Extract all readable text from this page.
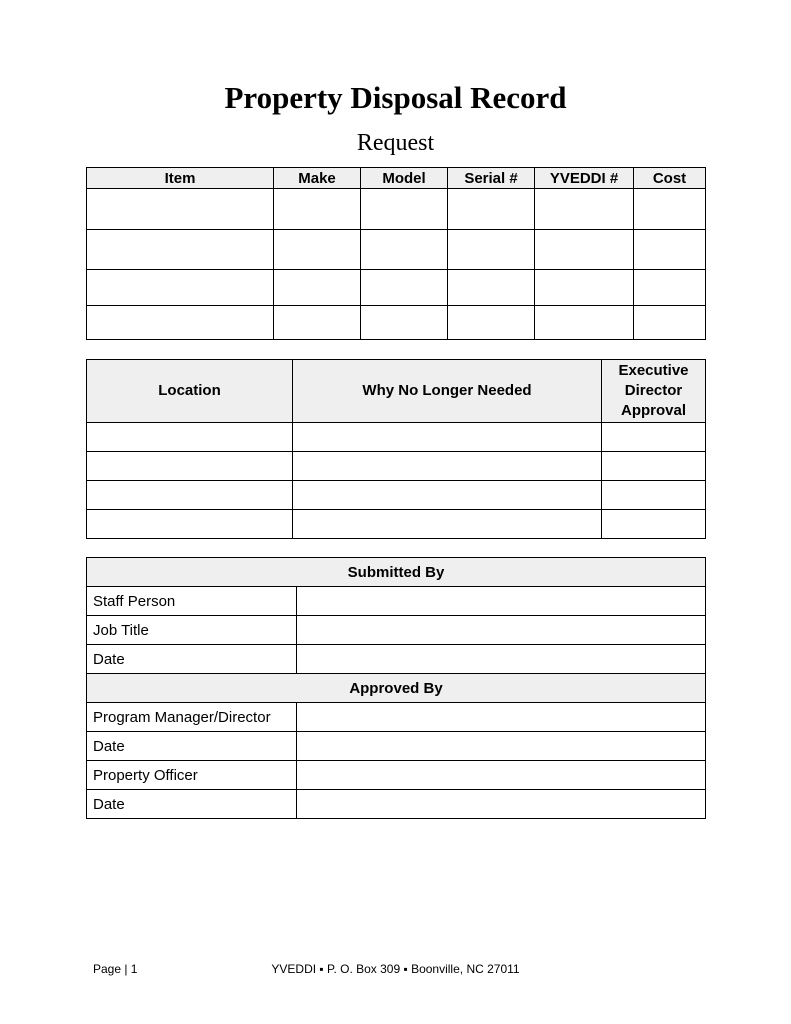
Property Disposal Record
Request
Item	Make	Model	Serial #	YVEDDI #	Cost

Location	Why No Longer Needed	Executive Director Approval

Submitted By	
Staff Person	
Job Title	
Date	
Approved By	
Program Manager/Director	
Date	
Property Officer	
Date	
Page | 1	YVEDDI ▪ P. O. Box 309 ▪ Boonville, NC 27011
